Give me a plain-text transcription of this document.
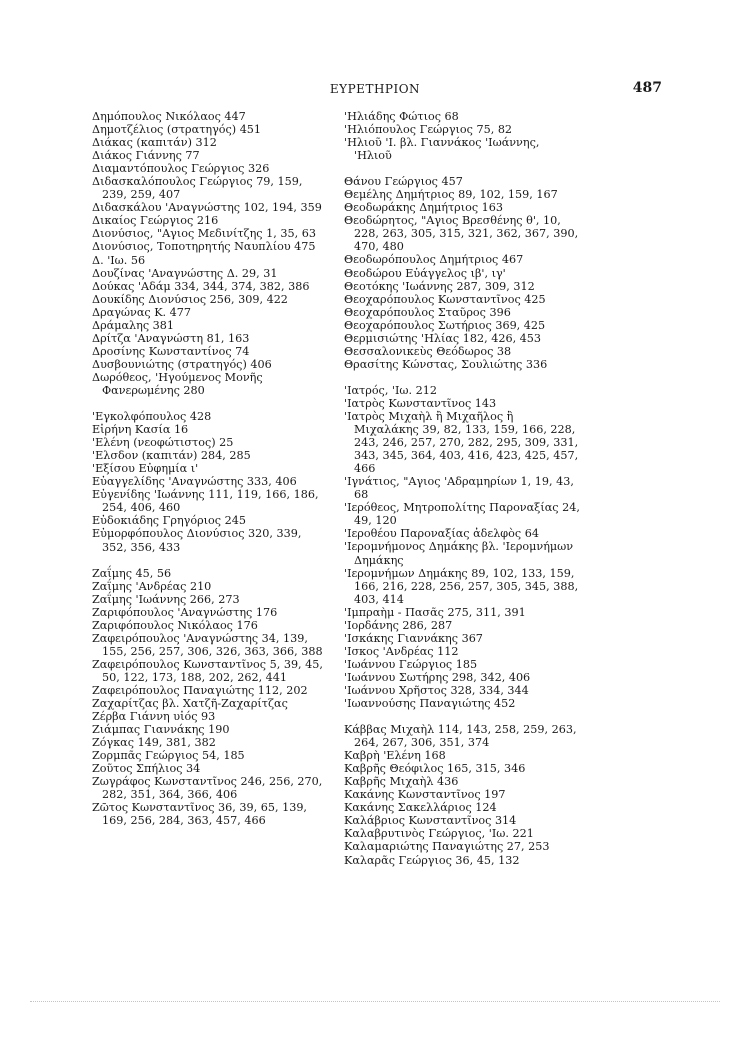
ΕΥΡΕΤΗΡΙΟΝ	487
Δημόπουλος Νικόλαος 447
Δημοτζέλιος (στρατηγός) 451
Διάκας (καπιτάν) 312
Διάκος Γιάννης 77
Διαμαντόπουλος Γεώργιος 326
Διδασκαλόπουλος Γεώργιος 79, 159, 239, 259, 407
Διδασκάλου 'Αναγνώστης 102, 194, 359
Δικαίος Γεώργιος 216
Διονύσιος, "Αγιος Μεδινίτζης 1, 35, 63
Διονύσιος, Τοποτηρητής Ναυπλίου 475
Δ. 'Ιω. 56
Δουζίνας 'Αναγνώστης Δ. 29, 31
Δούκας 'Αδάμ 334, 344, 374, 382, 386
Δουκίδης Διονύσιος 256, 309, 422
Δραγώνας Κ. 477
Δράμαλης 381
Δρίτζα 'Αναγνώστη 81, 163
Δροσίνης Κωνσταντίνος 74
Δυσβουνιώτης (στρατηγός) 406
Δωρόθεος, 'Ηγούμενος Μονῆς Φανερωμένης 280
'Εγκολφόπουλος 428
Εἰρήνη Κασία 16
'Ελένη (νεοφώτιστος) 25
'Ελσδον (καπιτάν) 284, 285
'Εξίσου Εὐφημία ι'
Εὐαγγελίδης 'Αναγνώστης 333, 406
Εὐγενίδης 'Ιωάννης 111, 119, 166, 186, 254, 406, 460
Εὐδοκιάδης Γρηγόριος 245
Εὐμορφόπουλος Διονύσιος 320, 339, 352, 356, 433
Ζαΐμης 45, 56
Ζαΐμης 'Ανδρέας 210
Ζαΐμης 'Ιωάννης 266, 273
Ζαριφόπουλος 'Αναγνώστης 176
Ζαριφόπουλος Νικόλαος 176
Ζαφειρόπουλος 'Αναγνώστης 34, 139, 155, 256, 257, 306, 326, 363, 366, 388
Ζαφειρόπουλος Κωνσταντῖνος 5, 39, 45, 50, 122, 173, 188, 202, 262, 441
Ζαφειρόπουλος Παναγιώτης 112, 202
Ζαχαρίτζας βλ. Χατζῆ-Ζαχαρίτζας
Ζέρβα Γιάννη υἱός 93
Ζιάμπας Γιαννάκης 190
Ζόγκας 149, 381, 382
Ζορμπᾶς Γεώργιος 54, 185
Ζοῦτος Σπήλιος 34
Ζωγράφος Κωνσταντῖνος 246, 256, 270, 282, 351, 364, 366, 406
Ζῶτος Κωνσταντῖνος 36, 39, 65, 139, 169, 256, 284, 363, 457, 466
'Ηλιάδης Φώτιος 68
'Ηλιόπουλος Γεώργιος 75, 82
'Ηλιοῦ 'Ι. βλ. Γιαννάκος 'Ιωάννης, 'Ηλιοῦ
Θάνου Γεώργιος 457
Θεμέλης Δημήτριος 89, 102, 159, 167
Θεοδωράκης Δημήτριος 163
Θεοδώρητος, "Αγιος Βρεσθένης θ', 10, 228, 263, 305, 315, 321, 362, 367, 390, 470, 480
Θεοδωρόπουλος Δημήτριος 467
Θεοδώρου Εὐάγγελος ιβ', ιγ'
Θεοτόκης 'Ιωάννης 287, 309, 312
Θεοχαρόπουλος Κωνσταντῖνος 425
Θεοχαρόπουλος Σταῦρος 396
Θεοχαρόπουλος Σωτήριος 369, 425
Θερμισιώτης 'Ηλίας 182, 426, 453
Θεσσαλονικεὺς Θεόδωρος 38
Θρασίτης Κώνστας, Σουλιώτης 336
'Ιατρός, 'Ιω. 212
'Ιατρὸς Κωνσταντῖνος 143
'Ιατρὸς Μιχαὴλ ἢ Μιχαῆλος ἢ Μιχαλάκης 39, 82, 133, 159, 166, 228, 243, 246, 257, 270, 282, 295, 309, 331, 343, 345, 364, 403, 416, 423, 425, 457, 466
'Ιγνάτιος, "Αγιος 'Αδραμηρίων 1, 19, 43, 68
'Ιερόθεος, Μητροπολίτης Παροναξίας 24, 49, 120
'Ιεροθέου Παροναξίας ἀδελφὸς 64
'Ιερομνήμονος Δημάκης βλ. 'Ιερομνήμων Δημάκης
'Ιερομνήμων Δημάκης 89, 102, 133, 159, 166, 216, 228, 256, 257, 305, 345, 388, 403, 414
'Ιμπραὴμ - Πασᾶς 275, 311, 391
'Ιορδάνης 286, 287
'Ισκάκης Γιαννάκης 367
'Ισκος 'Ανδρέας 112
'Ιωάννου Γεώργιος 185
'Ιωάννου Σωτήρης 298, 342, 406
'Ιωάννου Χρῆστος 328, 334, 344
'Ιωαννούσης Παναγιώτης 452
Κάββας Μιχαὴλ 114, 143, 258, 259, 263, 264, 267, 306, 351, 374
Καβρὴ 'Ελένη 168
Καβρῆς Θεόφιλος 165, 315, 346
Καβρῆς Μιχαὴλ 436
Κακάνης Κωνσταντῖνος 197
Κακάνης Σακελλάριος 124
Καλάβριος Κωνσταντῖνος 314
Καλαβρυτινὸς Γεώργιος, 'Ιω. 221
Καλαμαριώτης Παναγιώτης 27, 253
Καλαρᾶς Γεώργιος 36, 45, 132
